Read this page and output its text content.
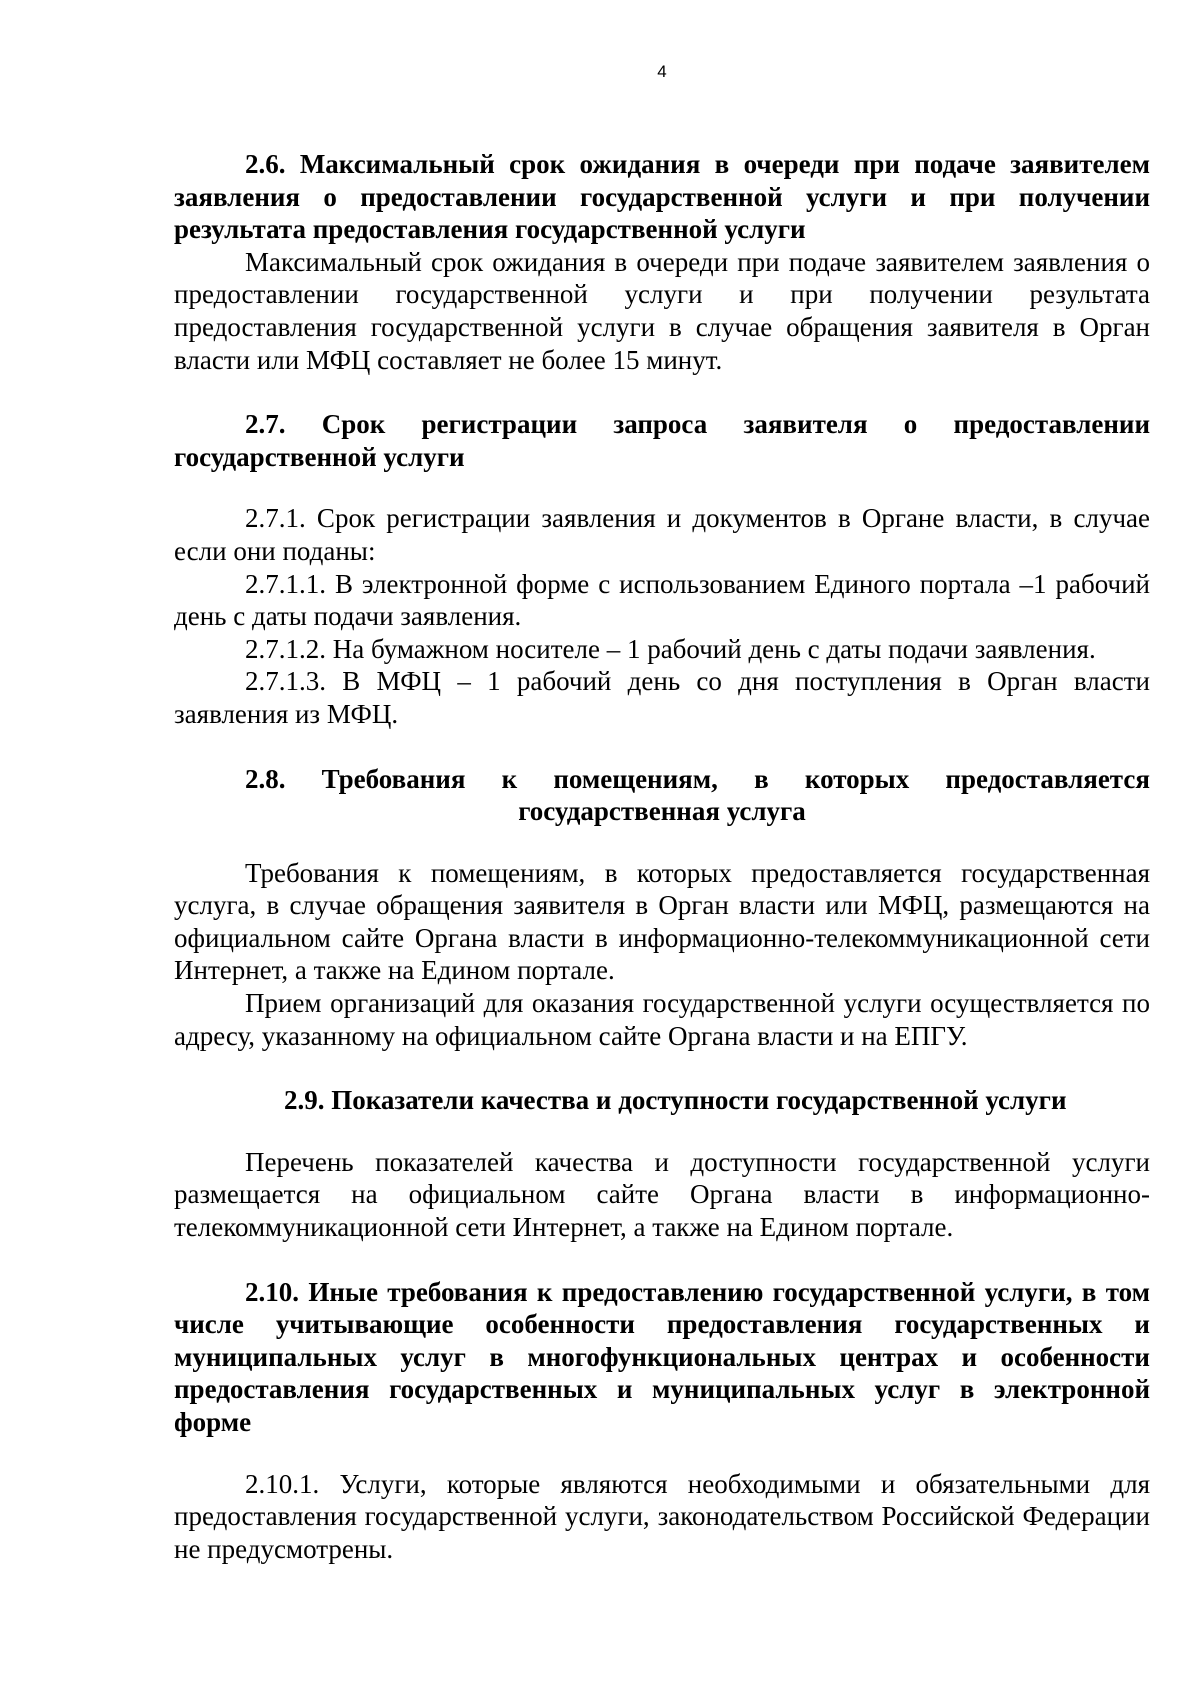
4

2.6. Максимальный срок ожидания в очереди при подаче заявителем заявления о предоставлении государственной услуги и при получении результата предоставления государственной услуги

Максимальный срок ожидания в очереди при подаче заявителем заявления о предоставлении государственной услуги и при получении результата предоставления государственной услуги в случае обращения заявителя в Орган власти или МФЦ составляет не более 15 минут.

2.7. Срок регистрации запроса заявителя о предоставлении государственной услуги

2.7.1. Срок регистрации заявления и документов в Органе власти, в случае если они поданы:

2.7.1.1. В электронной форме с использованием Единого портала –1 рабочий день с даты подачи заявления.

2.7.1.2. На бумажном носителе – 1 рабочий день с даты подачи заявления.

2.7.1.3. В МФЦ – 1 рабочий день со дня поступления в Орган власти заявления из МФЦ.

2.8. Требования к помещениям, в которых предоставляется

государственная услуга

Требования к помещениям, в которых предоставляется государственная услуга, в случае обращения заявителя в Орган власти или МФЦ, размещаются на официальном сайте Органа власти в информационно-телекоммуникационной сети Интернет, а также на Едином портале.

Прием организаций для оказания государственной услуги осуществляется по адресу, указанному на официальном сайте Органа власти и на ЕПГУ.

2.9. Показатели качества и доступности государственной услуги

Перечень показателей качества и доступности государственной услуги размещается на официальном сайте Органа власти в информационно-телекоммуникационной сети Интернет, а также на Едином портале.

2.10. Иные требования к предоставлению государственной услуги, в том числе учитывающие особенности предоставления государственных и муниципальных услуг в многофункциональных центрах и особенности предоставления государственных и муниципальных услуг в электронной форме

2.10.1. Услуги, которые являются необходимыми и обязательными для предоставления государственной услуги, законодательством Российской Федерации не предусмотрены.
